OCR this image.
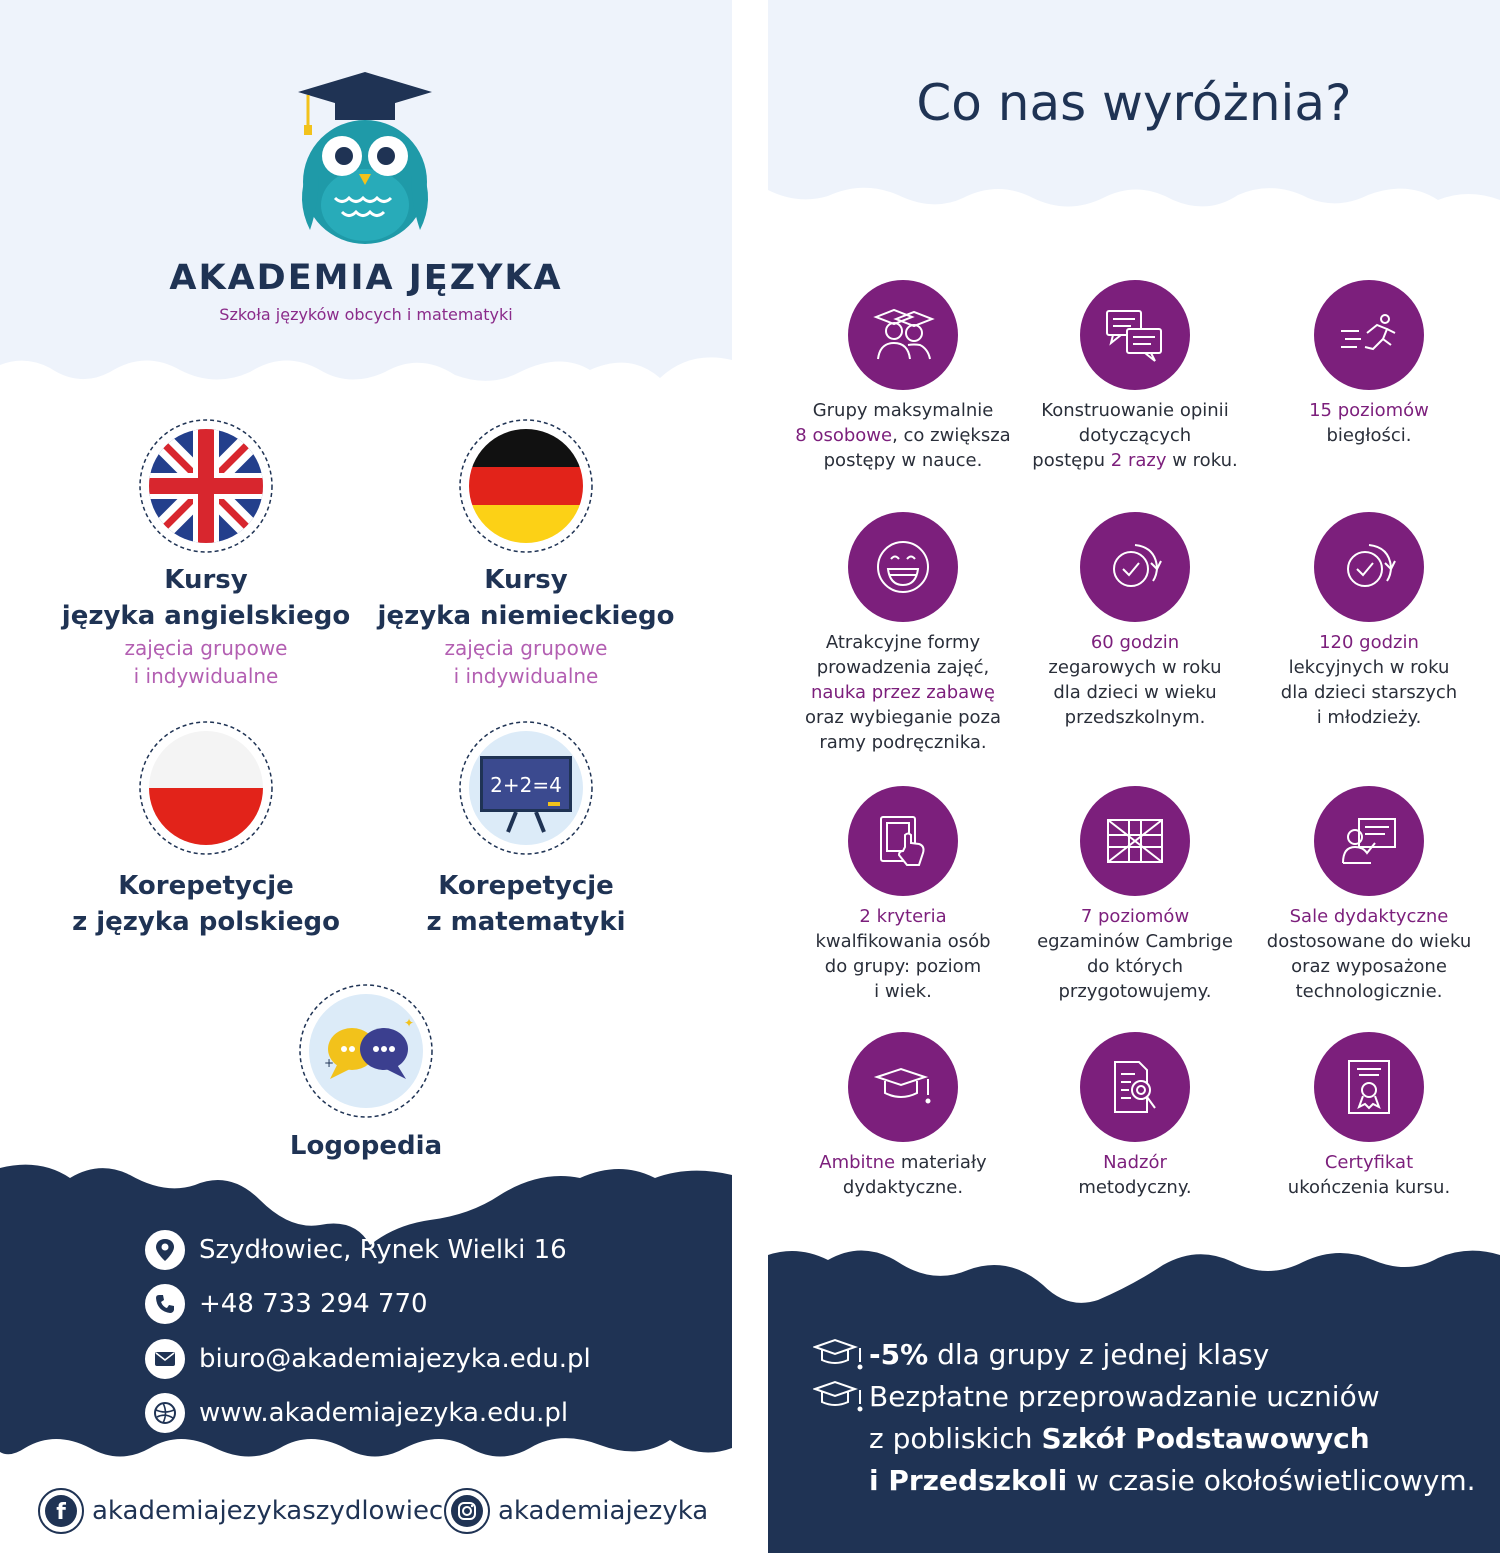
AKADEMIA JĘZYKA
Szkoła języków obcych i matematyki
Kursy
języka angielskiego
zajęcia grupowe
i indywidualne
Kursy
języka niemieckiego
zajęcia grupowe
i indywidualne
Korepetycje
z języka polskiego
2+2=4
Korepetycje
z matematyki
+
✦
Logopedia
Szydłowiec, Rynek Wielki 16
+48 733 294 770
biuro@akademiajezyka.edu.pl
www.akademiajezyka.edu.pl
f akademiajezykaszydlowiec akademiajezyka
Co nas wyróżnia?
Grupy maksymalnie
8 osobowe, co zwiększa
postępy w nauce.
Konstruowanie opinii
dotyczących
postępu 2 razy w roku.
15 poziomów
biegłości.
Atrakcyjne formy
prowadzenia zajęć,
nauka przez zabawę
oraz wybieganie poza
ramy podręcznika.
60 godzin
zegarowych w roku
dla dzieci w wieku
przedszkolnym.
120 godzin
lekcyjnych w roku
dla dzieci starszych
i młodzieży.
2 kryteria
kwalfikowania osób
do grupy: poziom
i wiek.
7 poziomów
egzaminów Cambrige
do których
przygotowujemy.
Sale dydaktyczne
dostosowane do wieku
oraz wyposażone
technologicznie.
Ambitne materiały
dydaktyczne.
Nadzór
metodyczny.
Certyfikat
ukończenia kursu.
-5% dla grupy z jednej klasy
Bezpłatne przeprowadzanie uczniów
z pobliskich Szkół Podstawowych
i Przedszkoli w czasie okołoświetlicowym.
